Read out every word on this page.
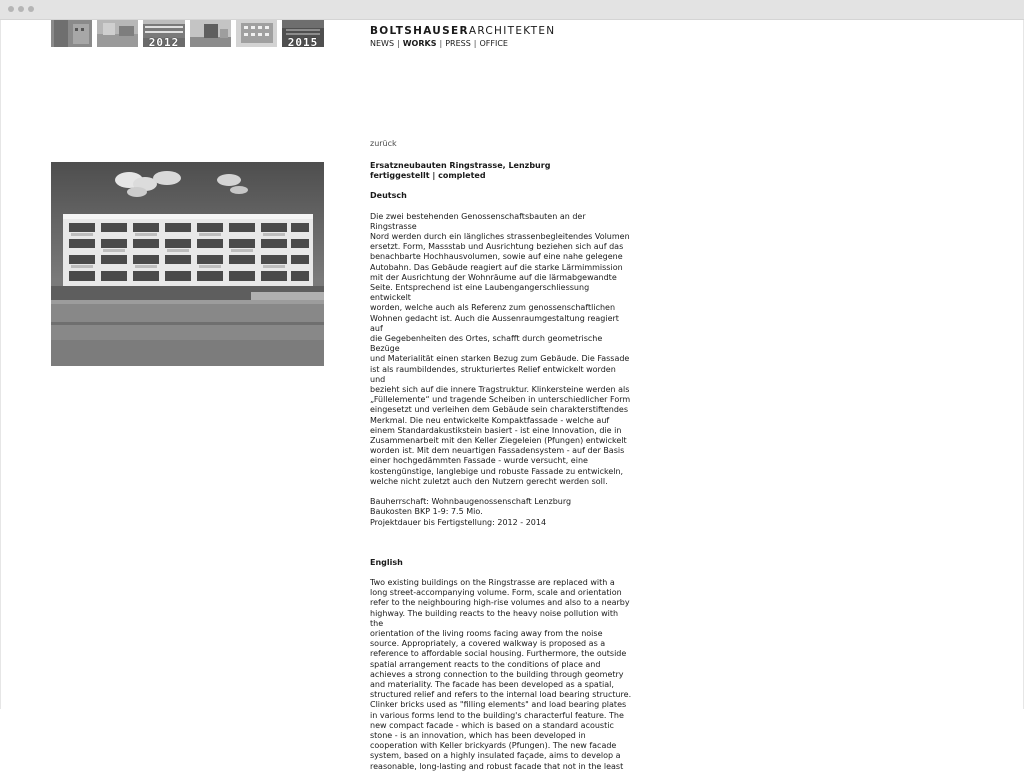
2012	2015
BOLTSHAUSERARCHITEKTEN
NEWS | WORKS | PRESS | OFFICE
zurück
Ersatzneubauten Ringstrasse, Lenzburg
fertiggestellt | completed
Deutsch
Die zwei bestehenden Genossenschaftsbauten an der Ringstrasse
Nord werden durch ein längliches strassenbegleitendes Volumen
ersetzt. Form, Massstab und Ausrichtung beziehen sich auf das
benachbarte Hochhausvolumen, sowie auf eine nahe gelegene
Autobahn. Das Gebäude reagiert auf die starke Lärmimmission
mit der Ausrichtung der Wohnräume auf die lärmabgewandte
Seite. Entsprechend ist eine Laubengangerschliessung entwickelt
worden, welche auch als Referenz zum genossenschaftlichen
Wohnen gedacht ist. Auch die Aussenraumgestaltung reagiert auf
die Gegebenheiten des Ortes, schafft durch geometrische Bezüge
und Materialität einen starken Bezug zum Gebäude. Die Fassade
ist als raumbildendes, strukturiertes Relief entwickelt worden und
bezieht sich auf die innere Tragstruktur. Klinkersteine werden als
„Füllelemente“ und tragende Scheiben in unterschiedlicher Form
eingesetzt und verleihen dem Gebäude sein charakterstiftendes
Merkmal. Die neu entwickelte Kompaktfassade - welche auf
einem Standardakustikstein basiert - ist eine Innovation, die in
Zusammenarbeit mit den Keller Ziegeleien (Pfungen) entwickelt
worden ist. Mit dem neuartigen Fassadensystem - auf der Basis
einer hochgedämmten Fassade - wurde versucht, eine
kostengünstige, langlebige und robuste Fassade zu entwickeln,
welche nicht zuletzt auch den Nutzern gerecht werden soll.
Bauherrschaft: Wohnbaugenossenschaft Lenzburg
Baukosten BKP 1-9: 7.5 Mio.
Projektdauer bis Fertigstellung: 2012 - 2014
English
Two existing buildings on the Ringstrasse are replaced with a
long street-accompanying volume. Form, scale and orientation
refer to the neighbouring high-rise volumes and also to a nearby
highway. The building reacts to the heavy noise pollution with the
orientation of the living rooms facing away from the noise
source. Appropriately, a covered walkway is proposed as a
reference to affordable social housing. Furthermore, the outside
spatial arrangement reacts to the conditions of place and
achieves a strong connection to the building through geometry
and materiality. The facade has been developed as a spatial,
structured relief and refers to the internal load bearing structure.
Clinker bricks used as "filling elements" and load bearing plates
in various forms lend to the building's characterful feature. The
new compact facade - which is based on a standard acoustic
stone - is an innovation, which has been developed in
cooperation with Keller brickyards (Pfungen). The new facade
system, based on a highly insulated façade, aims to develop a
reasonable, long-lasting and robust facade that not in the least
